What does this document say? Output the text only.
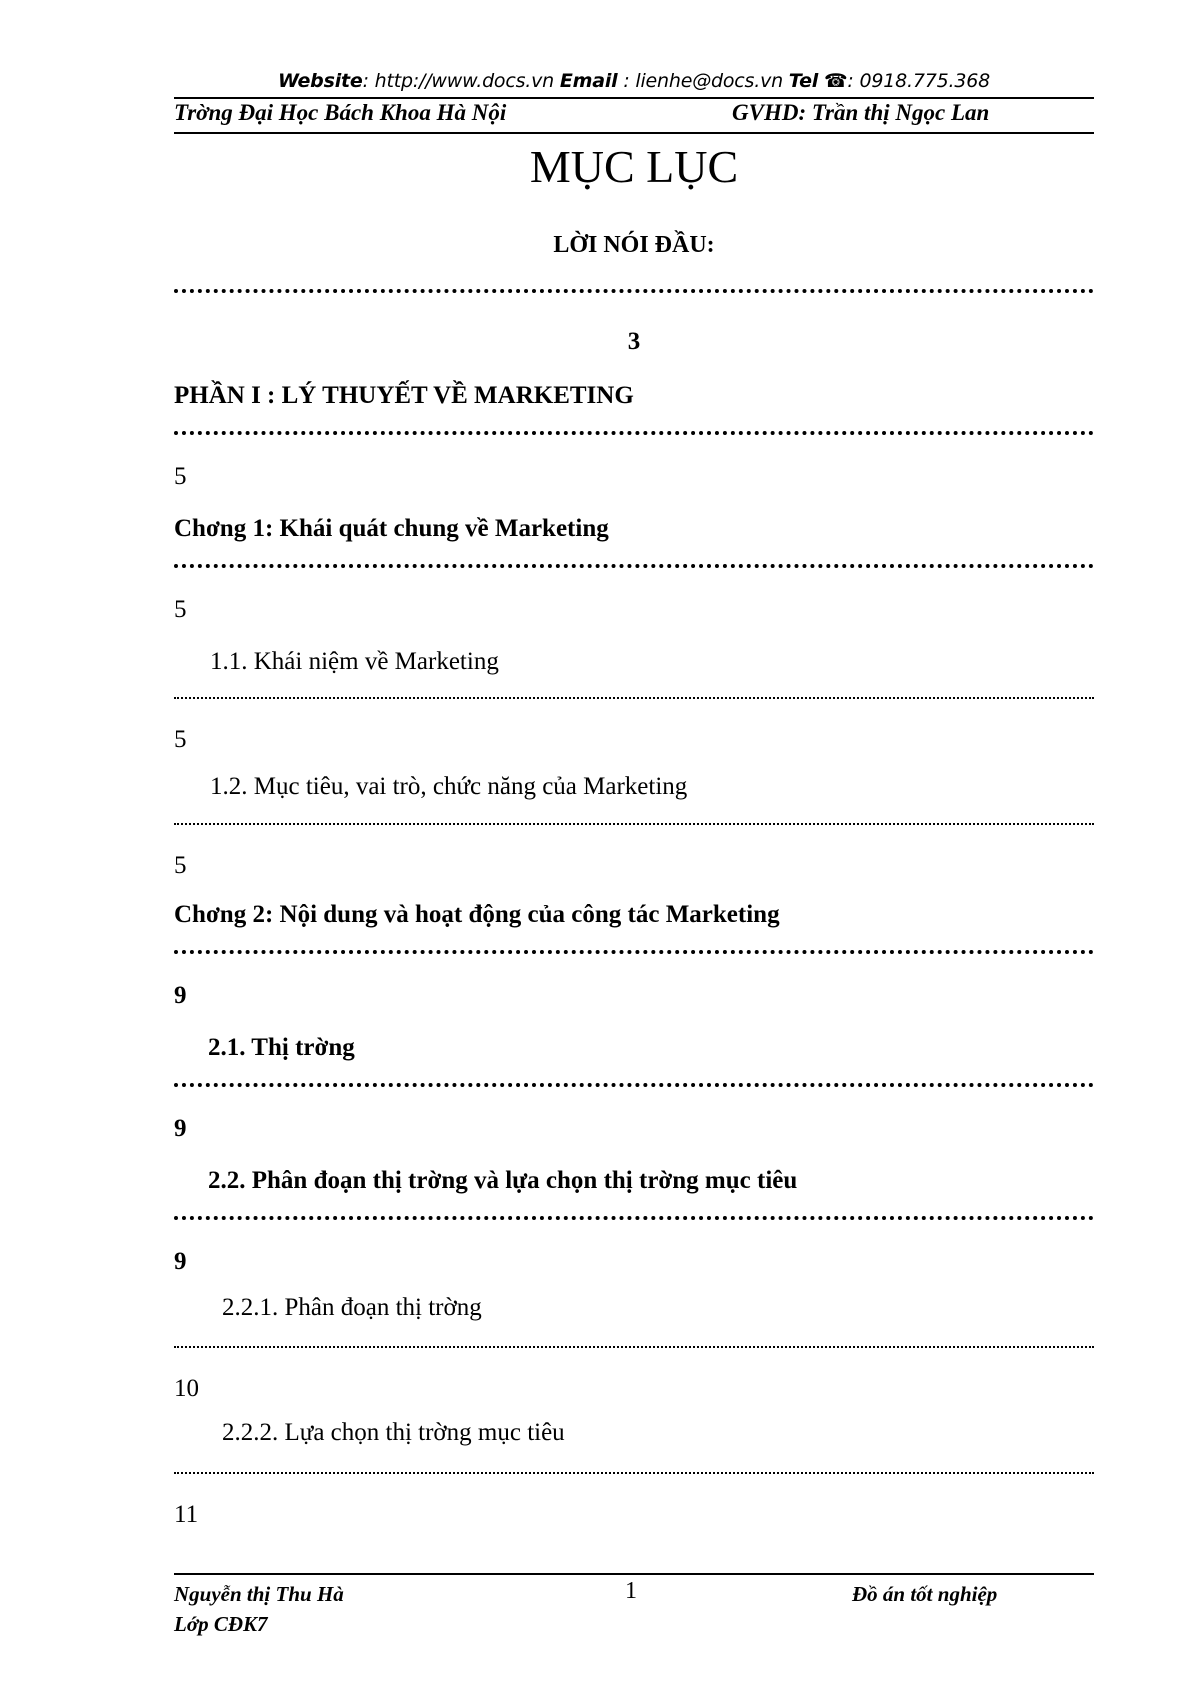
Website: http://www.docs.vn Email : lienhe@docs.vn Tel ☎: 0918.775.368
Trờng Đại Học Bách Khoa Hà Nội	GVHD: Trần thị Ngọc Lan
MỤC LỤC
LỜI NÓI ĐẦU:
3
PHẦN I : LÝ THUYẾT VỀ MARKETING
5
Chơng 1: Khái quát chung về Marketing
5
1.1. Khái niệm về Marketing
5
1.2. Mục tiêu, vai trò, chức năng của Marketing
5
Chơng 2: Nội dung và hoạt động của công tác Marketing
9
2.1. Thị trờng
9
2.2. Phân đoạn thị trờng và lựa chọn thị trờng mục tiêu
9
2.2.1. Phân đoạn thị trờng
10
2.2.2. Lựa chọn thị trờng mục tiêu
11
Nguyễn thị Thu Hà
Lớp CĐK7
1	Đồ án tốt nghiệp
